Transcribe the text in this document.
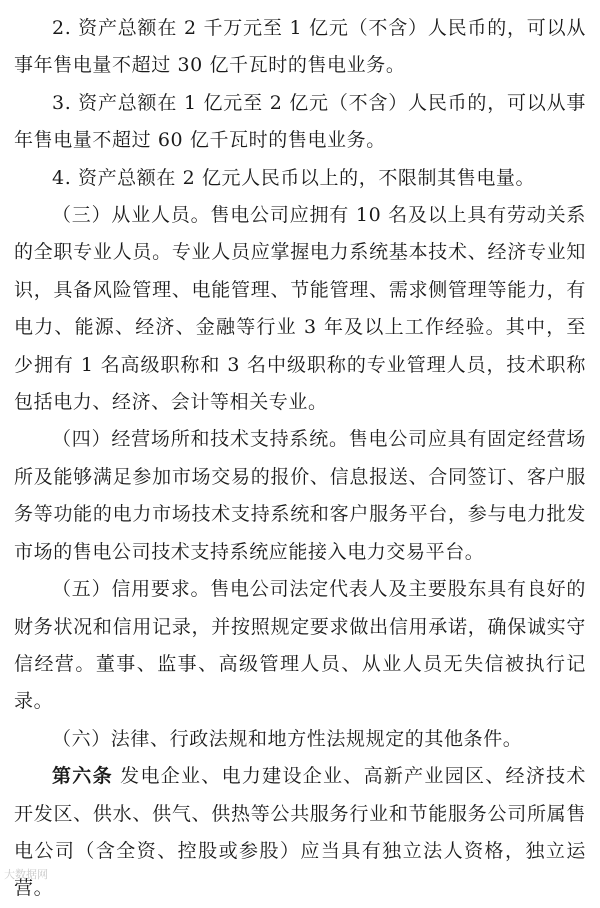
2. 资产总额在 2 千万元至 1 亿元（不含）人民币的，可以从事年售电量不超过 30 亿千瓦时的售电业务。

3. 资产总额在 1 亿元至 2 亿元（不含）人民币的，可以从事年售电量不超过 60 亿千瓦时的售电业务。

4. 资产总额在 2 亿元人民币以上的，不限制其售电量。

（三）从业人员。售电公司应拥有 10 名及以上具有劳动关系的全职专业人员。专业人员应掌握电力系统基本技术、经济专业知识，具备风险管理、电能管理、节能管理、需求侧管理等能力，有电力、能源、经济、金融等行业 3 年及以上工作经验。其中，至少拥有 1 名高级职称和 3 名中级职称的专业管理人员，技术职称包括电力、经济、会计等相关专业。

（四）经营场所和技术支持系统。售电公司应具有固定经营场所及能够满足参加市场交易的报价、信息报送、合同签订、客户服务等功能的电力市场技术支持系统和客户服务平台，参与电力批发市场的售电公司技术支持系统应能接入电力交易平台。

（五）信用要求。售电公司法定代表人及主要股东具有良好的财务状况和信用记录，并按照规定要求做出信用承诺，确保诚实守信经营。董事、监事、高级管理人员、从业人员无失信被执行记录。

（六）法律、行政法规和地方性法规规定的其他条件。

第六条 发电企业、电力建设企业、高新产业园区、经济技术开发区、供水、供气、供热等公共服务行业和节能服务公司所属售电公司（含全资、控股或参股）应当具有独立法人资格，独立运营。

大数据网
